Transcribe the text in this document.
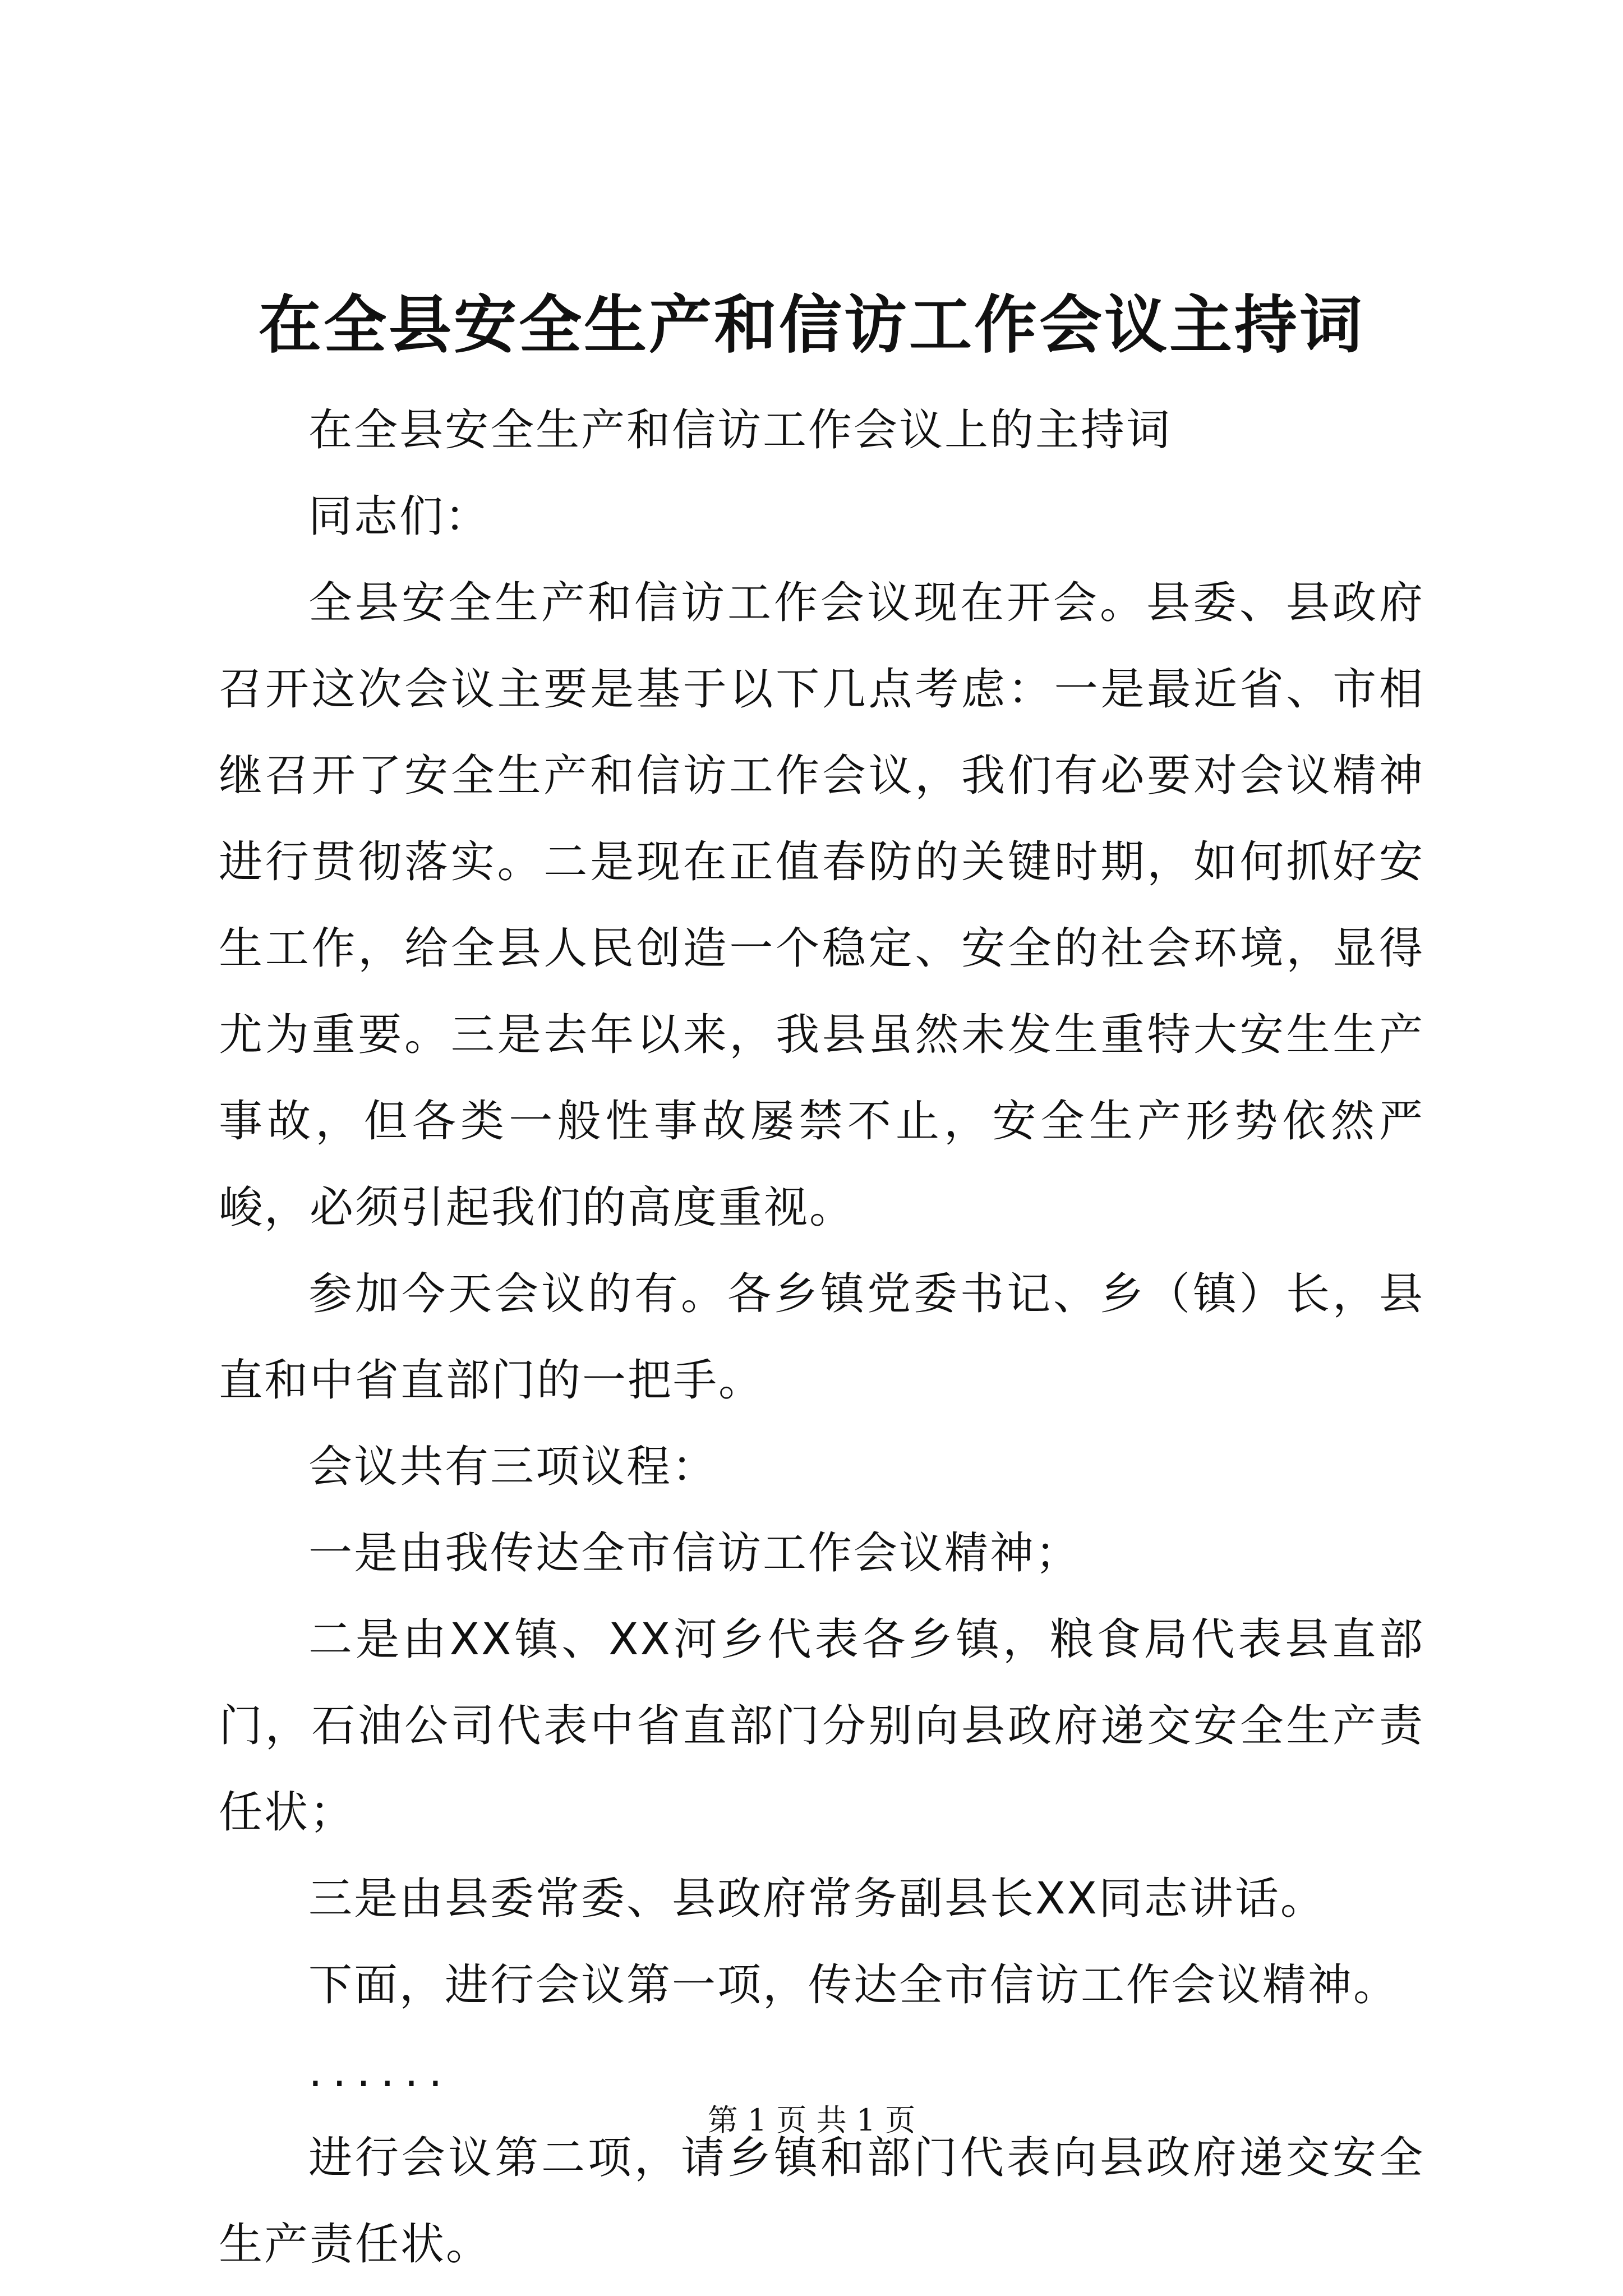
在全县安全生产和信访工作会议主持词

在全县安全生产和信访工作会议上的主持词

同志们：

全县安全生产和信访工作会议现在开会。县委、县政府召开这次会议主要是基于以下几点考虑：一是最近省、市相继召开了安全生产和信访工作会议，我们有必要对会议精神进行贯彻落实。二是现在正值春防的关键时期，如何抓好安生工作，给全县人民创造一个稳定、安全的社会环境，显得尤为重要。三是去年以来，我县虽然未发生重特大安生生产事故，但各类一般性事故屡禁不止，安全生产形势依然严峻，必须引起我们的高度重视。

参加今天会议的有。各乡镇党委书记、乡（镇）长，县直和中省直部门的一把手。

会议共有三项议程：

一是由我传达全市信访工作会议精神；

二是由XX镇、XX河乡代表各乡镇，粮食局代表县直部门，石油公司代表中省直部门分别向县政府递交安全生产责任状；

三是由县委常委、县政府常务副县长XX同志讲话。

下面，进行会议第一项，传达全市信访工作会议精神。

......

进行会议第二项，请乡镇和部门代表向县政府递交安全生产责任状。

第 1 页 共 1 页
